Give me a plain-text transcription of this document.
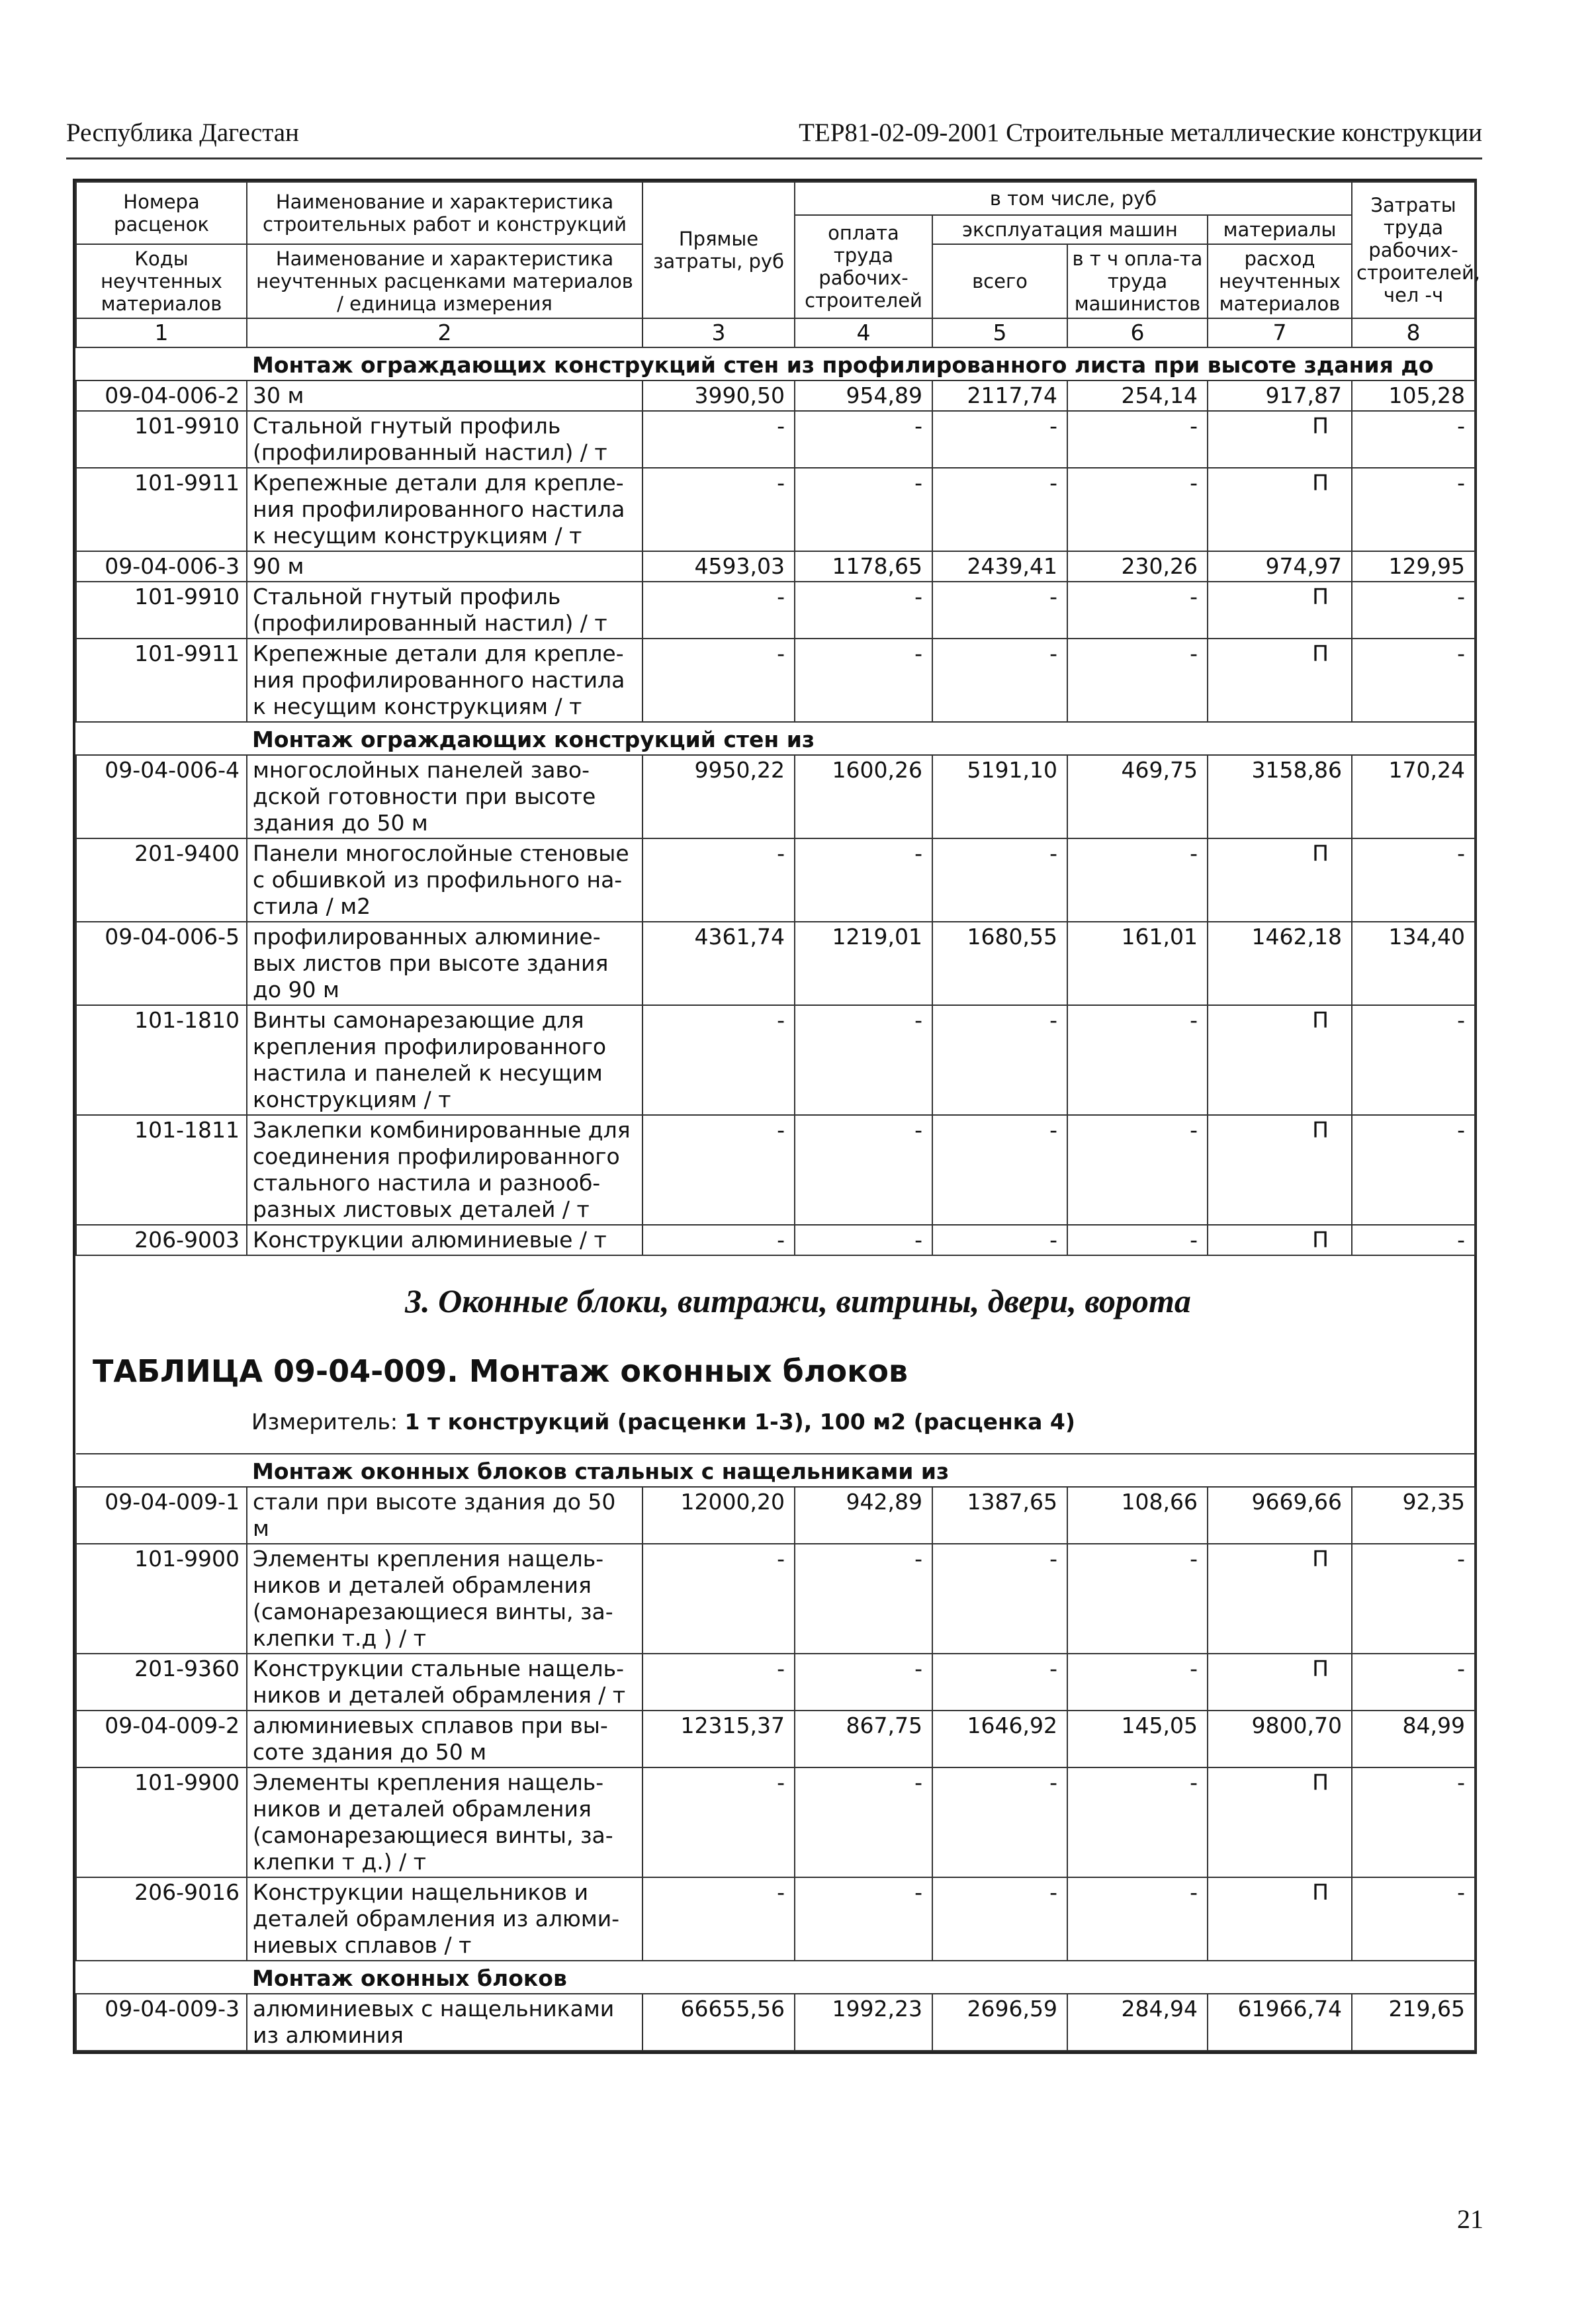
Республика Дагестан	ТЕР81-02-09-2001 Строительные металлические конструкции
Номера расценок	Наименование и характеристика строительных работ и конструкций	Прямые затраты, руб	в том числе, руб				Затраты труда рабочих-строителей, чел -ч
			оплата труда рабочих-строителей	эксплуатация машин		материалы	
Коды неучтенных материалов	Наименование и характеристика неучтенных расценками материалов / единица измерения			всего	в т ч опла-та труда машинистов	расход неучтенных материалов	

1	2	3	4	5	6	7	8
	Монтаж ограждающих конструкций стен из профилированного листа при высоте здания до						
09-04-006-2	30 м	3990,50	954,89	2117,74	254,14	917,87	105,28
101-9910	Стальной гнутый профиль (профилированный настил) / т	-	-	-	-	П	-
101-9911	Крепежные детали для крепле-ния профилированного настила к несущим конструкциям / т	-	-	-	-	П	-
09-04-006-3	90 м	4593,03	1178,65	2439,41	230,26	974,97	129,95
101-9910	Стальной гнутый профиль (профилированный настил) / т	-	-	-	-	П	-
101-9911	Крепежные детали для крепле-ния профилированного настила к несущим конструкциям / т	-	-	-	-	П	-
	Монтаж ограждающих конструкций стен из						
09-04-006-4	многослойных панелей заво-дской готовности при высоте здания до 50 м	9950,22	1600,26	5191,10	469,75	3158,86	170,24
201-9400	Панели многослойные стеновые с обшивкой из профильного на-стила / м2	-	-	-	-	П	-
09-04-006-5	профилированных алюминие-вых листов при высоте здания до 90 м	4361,74	1219,01	1680,55	161,01	1462,18	134,40
101-1810	Винты самонарезающие для крепления профилированного настила и панелей к несущим конструкциям / т	-	-	-	-	П	-
101-1811	Заклепки комбинированные для соединения профилированного стального настила и разнооб-разных листовых деталей / т	-	-	-	-	П	-
206-9003	Конструкции алюминиевые / т	-	-	-	-	П	-

	Монтаж оконных блоков стальных с нащельниками из						
09-04-009-1	стали при высоте здания до 50 м	12000,20	942,89	1387,65	108,66	9669,66	92,35
101-9900	Элементы крепления нащель-ников и деталей обрамления (самонарезающиеся винты, за-клепки т.д ) / т	-	-	-	-	П	-
201-9360	Конструкции стальные нащель-ников и деталей обрамления / т	-	-	-	-	П	-
09-04-009-2	алюминиевых сплавов при вы-соте здания до 50 м	12315,37	867,75	1646,92	145,05	9800,70	84,99
101-9900	Элементы крепления нащель-ников и деталей обрамления (самонарезающиеся винты, за-клепки т д.) / т	-	-	-	-	П	-
206-9016	Конструкции нащельников и деталей обрамления из алюми-ниевых сплавов / т	-	-	-	-	П	-
	Монтаж оконных блоков						
09-04-009-3	алюминиевых с нащельниками из алюминия	66655,56	1992,23	2696,59	284,94	61966,74	219,65
3. Оконные блоки, витражи, витрины, двери, ворота
ТАБЛИЦА 09-04-009. Монтаж оконных блоков
Измеритель: 1 т конструкций (расценки 1-3), 100 м2 (расценка 4)
21
